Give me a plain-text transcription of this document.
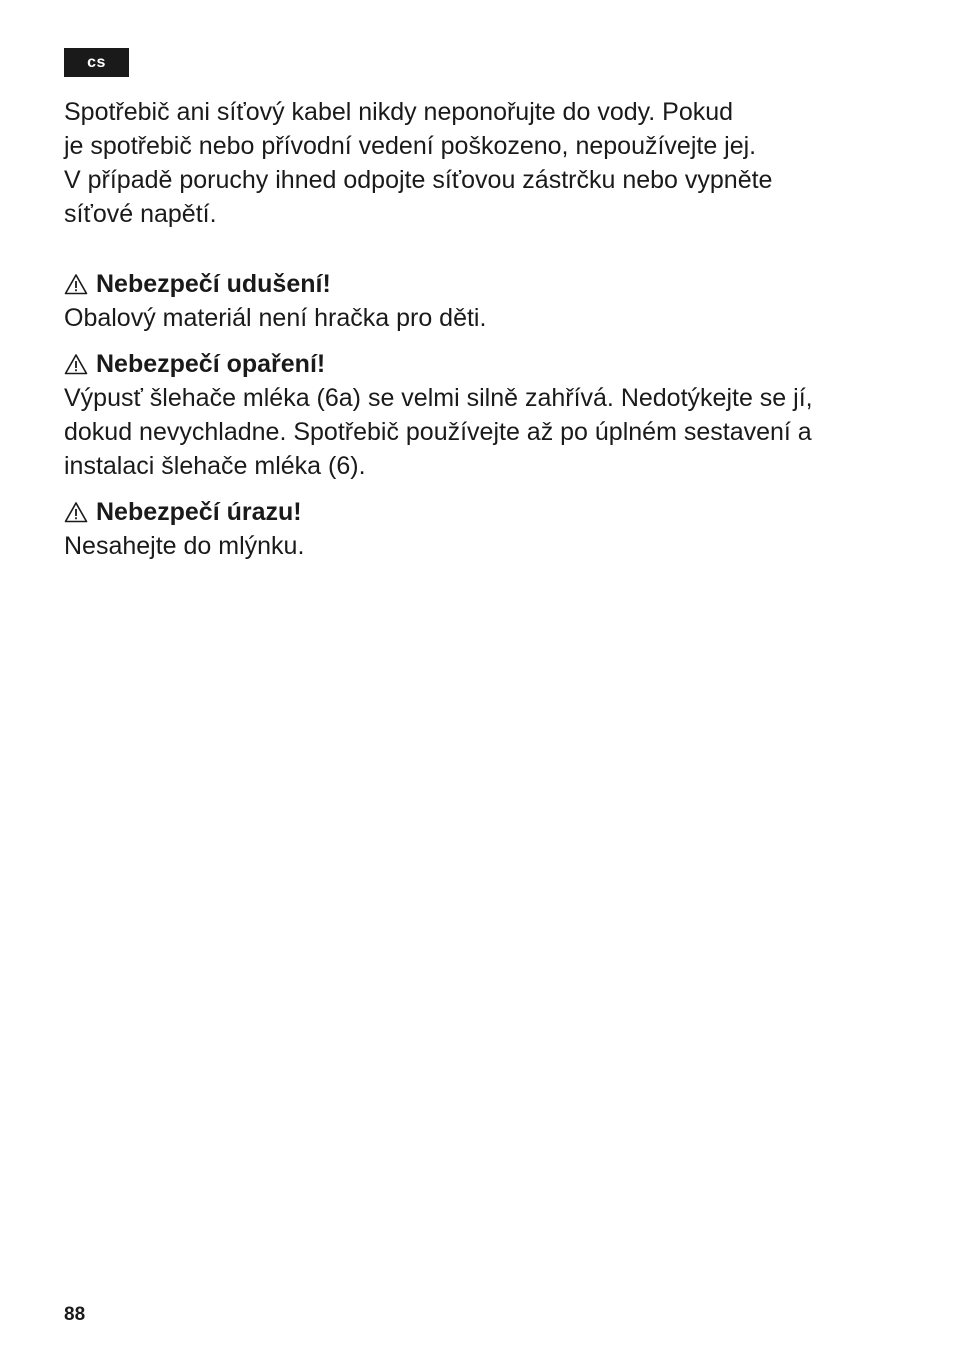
cs

Spotřebič ani síťový kabel nikdy neponořujte do vody. Pokud
je spotřebič nebo přívodní vedení poškozeno, nepoužívejte jej.
V případě poruchy ihned odpojte síťovou zástrčku nebo vypněte
síťové napětí.

Nebezpečí udušení!

Obalový materiál není hračka pro děti.

Nebezpečí opaření!

Výpusť šlehače mléka (6a) se velmi silně zahřívá. Nedotýkejte se jí,
dokud nevychladne. Spotřebič používejte až po úplném sestavení a
instalaci šlehače mléka (6).

Nebezpečí úrazu!

Nesahejte do mlýnku.

88
